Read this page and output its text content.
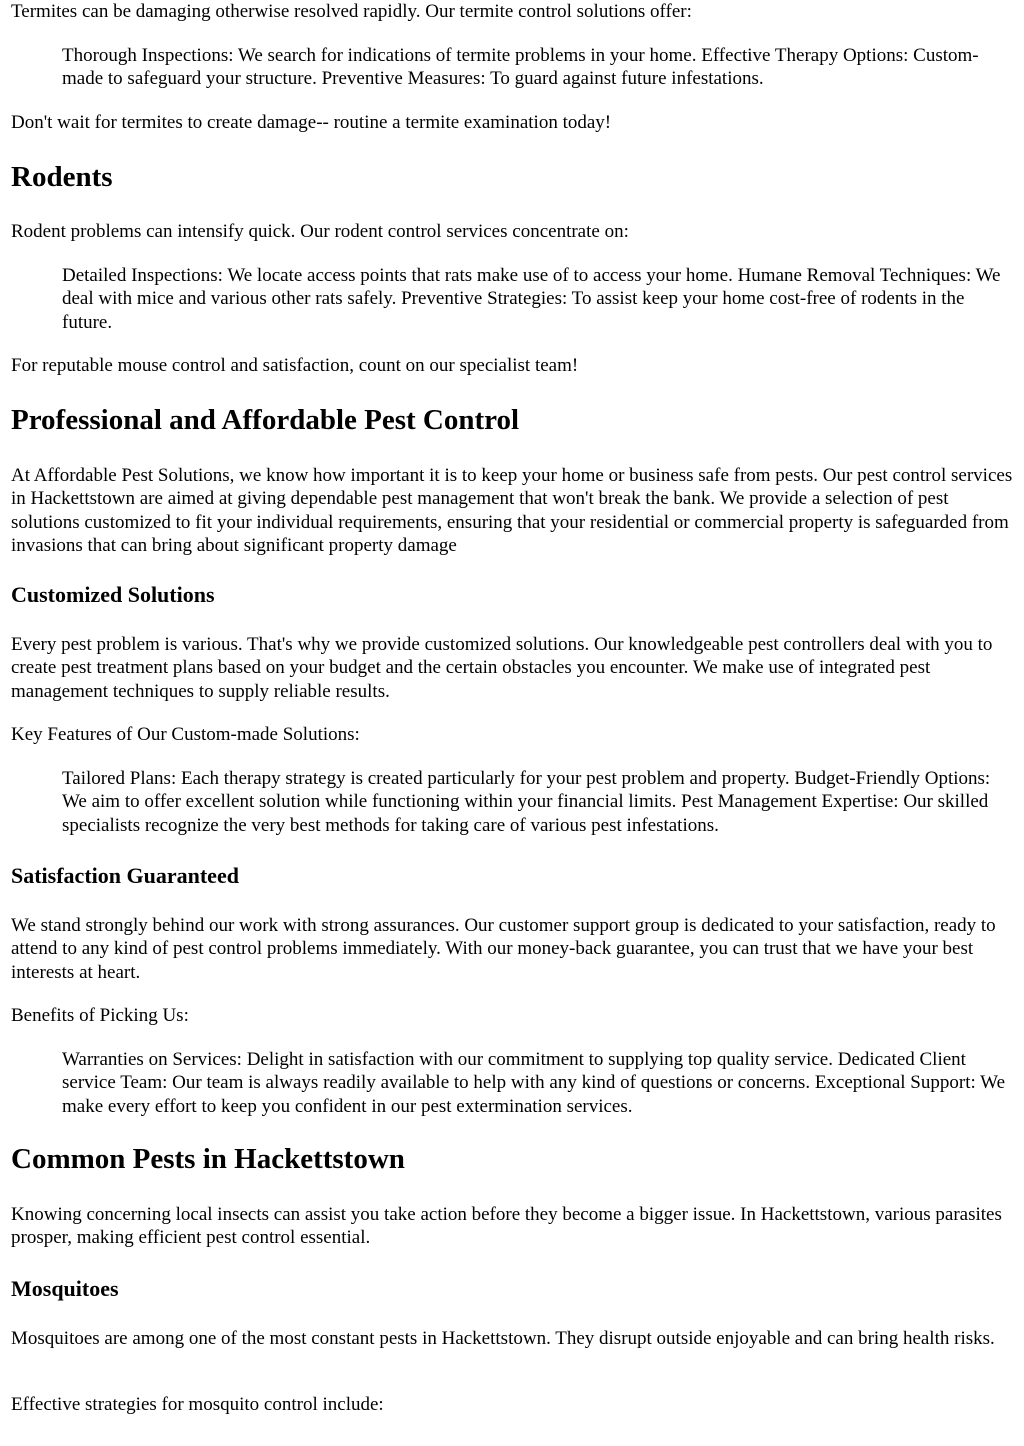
Termites can be damaging otherwise resolved rapidly. Our termite control solutions offer:

Thorough Inspections: We search for indications of termite problems in your home. Effective Therapy Options: Custom-made to safeguard your structure. Preventive Measures: To guard against future infestations.

Don't wait for termites to create damage-- routine a termite examination today!

Rodents

Rodent problems can intensify quick. Our rodent control services concentrate on:

Detailed Inspections: We locate access points that rats make use of to access your home. Humane Removal Techniques: We deal with mice and various other rats safely. Preventive Strategies: To assist keep your home cost-free of rodents in the future.

For reputable mouse control and satisfaction, count on our specialist team!

Professional and Affordable Pest Control

At Affordable Pest Solutions, we know how important it is to keep your home or business safe from pests. Our pest control services in Hackettstown are aimed at giving dependable pest management that won't break the bank. We provide a selection of pest solutions customized to fit your individual requirements, ensuring that your residential or commercial property is safeguarded from invasions that can bring about significant property damage

Customized Solutions

Every pest problem is various. That's why we provide customized solutions. Our knowledgeable pest controllers deal with you to create pest treatment plans based on your budget and the certain obstacles you encounter. We make use of integrated pest management techniques to supply reliable results.

Key Features of Our Custom-made Solutions:

Tailored Plans: Each therapy strategy is created particularly for your pest problem and property. Budget-Friendly Options: We aim to offer excellent solution while functioning within your financial limits. Pest Management Expertise: Our skilled specialists recognize the very best methods for taking care of various pest infestations.

Satisfaction Guaranteed

We stand strongly behind our work with strong assurances. Our customer support group is dedicated to your satisfaction, ready to attend to any kind of pest control problems immediately. With our money-back guarantee, you can trust that we have your best interests at heart.

Benefits of Picking Us:

Warranties on Services: Delight in satisfaction with our commitment to supplying top quality service. Dedicated Client service Team: Our team is always readily available to help with any kind of questions or concerns. Exceptional Support: We make every effort to keep you confident in our pest extermination services.

Common Pests in Hackettstown

Knowing concerning local insects can assist you take action before they become a bigger issue. In Hackettstown, various parasites prosper, making efficient pest control essential.

Mosquitoes

Mosquitoes are among one of the most constant pests in Hackettstown. They disrupt outside enjoyable and can bring health risks.

Effective strategies for mosquito control include:
